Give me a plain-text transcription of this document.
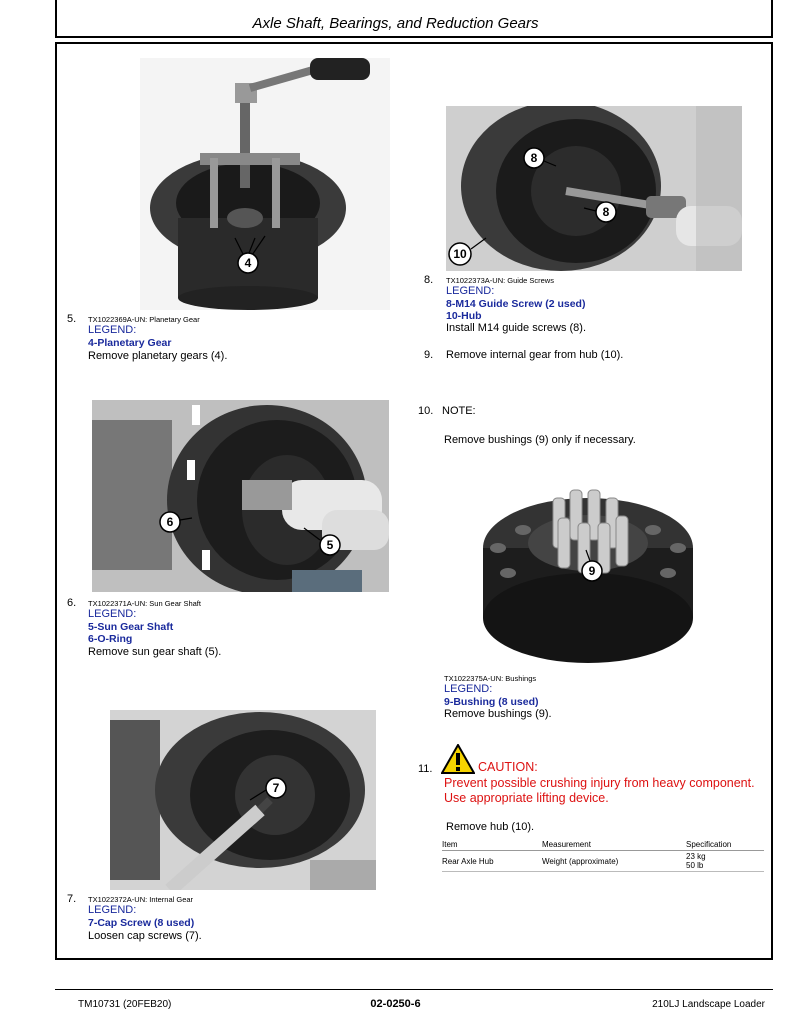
Axle Shaft, Bearings, and Reduction Gears
4
5. TX1022369A-UN: Planetary Gear
LEGEND:
4-Planetary Gear
Remove planetary gears (4).
6
5
6. TX1022371A-UN: Sun Gear Shaft
LEGEND:
5-Sun Gear Shaft
6-O-Ring
Remove sun gear shaft (5).
7
7. TX1022372A-UN: Internal Gear
LEGEND:
7-Cap Screw (8 used)
Loosen cap screws (7).
8
8
10
8. TX1022373A-UN: Guide Screws
LEGEND:
8-M14 Guide Screw (2 used)
10-Hub
Install M14 guide screws (8).
9. Remove internal gear from hub (10).
10. NOTE:
Remove bushings (9) only if necessary.
9
TX1022375A-UN: Bushings
LEGEND:
9-Bushing (8 used)
Remove bushings (9).
11.	CAUTION:
Prevent possible crushing injury from heavy component.
Use appropriate lifting device.
Remove hub (10).
Item	Measurement	Specification
Rear Axle Hub	Weight (approximate)	23 kg
50 lb
TM10731 (20FEB20)	02-0250-6	210LJ Landscape Loader
